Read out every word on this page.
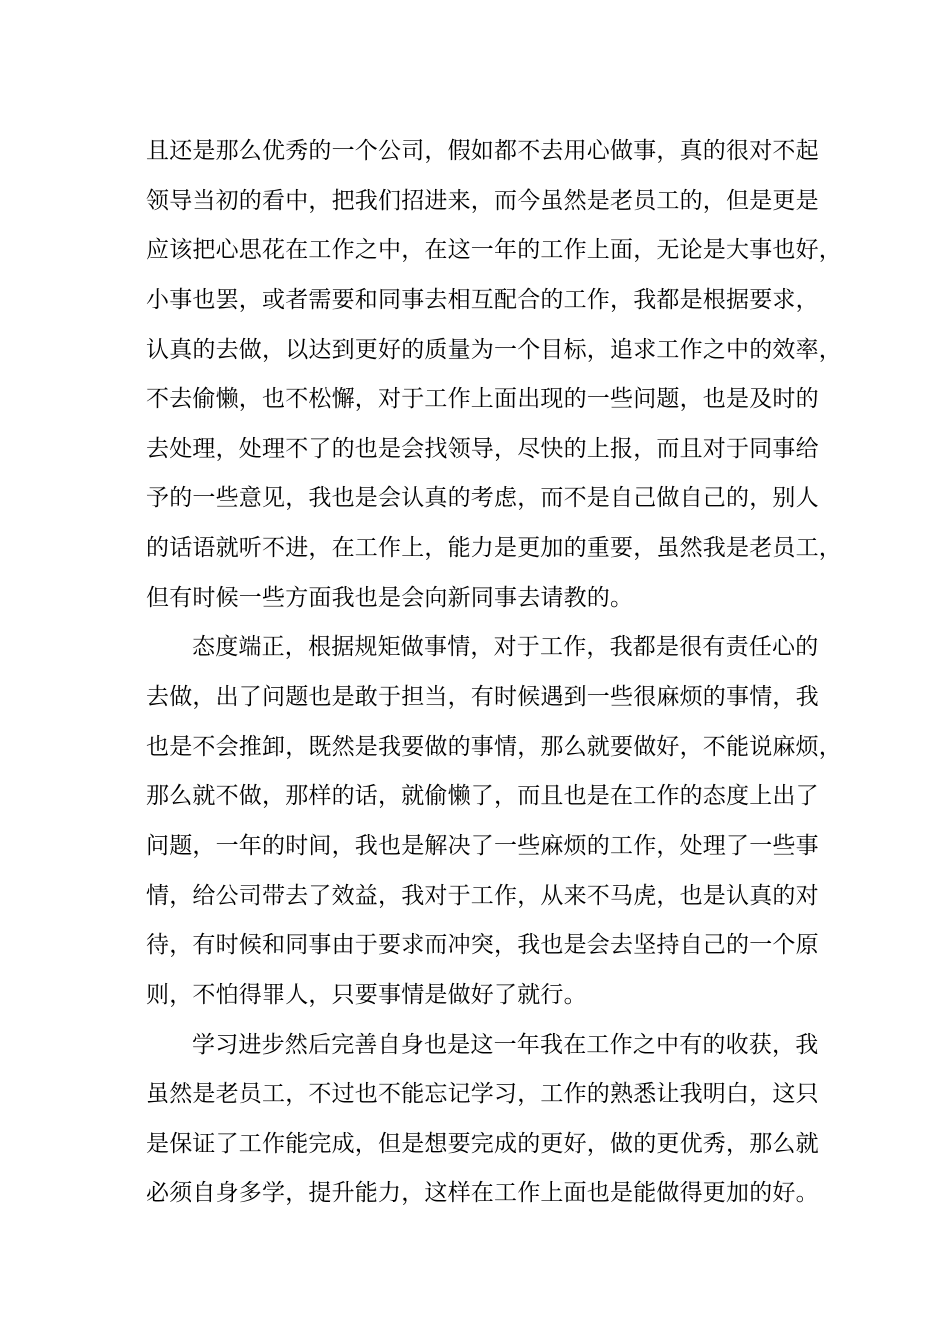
且还是那么优秀的一个公司，假如都不去用心做事，真的很对不起
领导当初的看中，把我们招进来，而今虽然是老员工的，但是更是
应该把心思花在工作之中，在这一年的工作上面，无论是大事也好，
小事也罢，或者需要和同事去相互配合的工作，我都是根据要求，
认真的去做，以达到更好的质量为一个目标，追求工作之中的效率，
不去偷懒，也不松懈，对于工作上面出现的一些问题，也是及时的
去处理，处理不了的也是会找领导，尽快的上报，而且对于同事给
予的一些意见，我也是会认真的考虑，而不是自己做自己的，别人
的话语就听不进，在工作上，能力是更加的重要，虽然我是老员工，
但有时候一些方面我也是会向新同事去请教的。
态度端正，根据规矩做事情，对于工作，我都是很有责任心的
去做，出了问题也是敢于担当，有时候遇到一些很麻烦的事情，我
也是不会推卸，既然是我要做的事情，那么就要做好，不能说麻烦，
那么就不做，那样的话，就偷懒了，而且也是在工作的态度上出了
问题，一年的时间，我也是解决了一些麻烦的工作，处理了一些事
情，给公司带去了效益，我对于工作，从来不马虎，也是认真的对
待，有时候和同事由于要求而冲突，我也是会去坚持自己的一个原
则，不怕得罪人，只要事情是做好了就行。
学习进步然后完善自身也是这一年我在工作之中有的收获，我
虽然是老员工，不过也不能忘记学习，工作的熟悉让我明白，这只
是保证了工作能完成，但是想要完成的更好，做的更优秀，那么就
必须自身多学，提升能力，这样在工作上面也是能做得更加的好。
